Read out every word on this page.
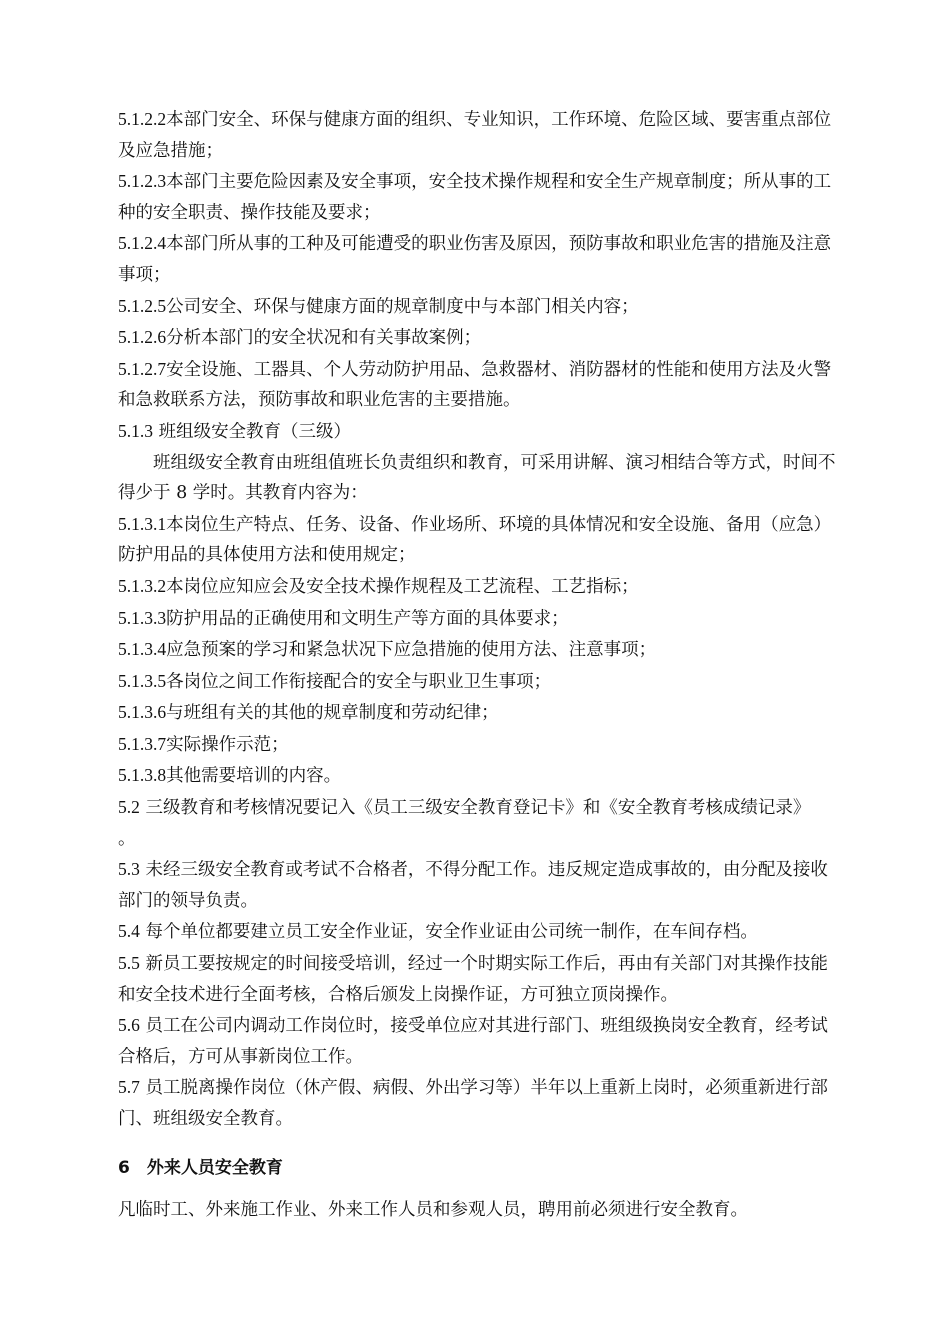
5.1.2.2本部门安全、环保与健康方面的组织、专业知识，工作环境、危险区域、要害重点部位及应急措施；

5.1.2.3本部门主要危险因素及安全事项，安全技术操作规程和安全生产规章制度；所从事的工种的安全职责、操作技能及要求；

5.1.2.4本部门所从事的工种及可能遭受的职业伤害及原因，预防事故和职业危害的措施及注意事项；

5.1.2.5公司安全、环保与健康方面的规章制度中与本部门相关内容；

5.1.2.6分析本部门的安全状况和有关事故案例；

5.1.2.7安全设施、工器具、个人劳动防护用品、急救器材、消防器材的性能和使用方法及火警和急救联系方法，预防事故和职业危害的主要措施。

5.1.3 班组级安全教育（三级）

班组级安全教育由班组值班长负责组织和教育，可采用讲解、演习相结合等方式，时间不得少于 8 学时。其教育内容为：

5.1.3.1本岗位生产特点、任务、设备、作业场所、环境的具体情况和安全设施、备用（应急）防护用品的具体使用方法和使用规定；

5.1.3.2本岗位应知应会及安全技术操作规程及工艺流程、工艺指标；

5.1.3.3防护用品的正确使用和文明生产等方面的具体要求；

5.1.3.4应急预案的学习和紧急状况下应急措施的使用方法、注意事项；

5.1.3.5各岗位之间工作衔接配合的安全与职业卫生事项；

5.1.3.6与班组有关的其他的规章制度和劳动纪律；

5.1.3.7实际操作示范；

5.1.3.8其他需要培训的内容。

5.2 三级教育和考核情况要记入《员工三级安全教育登记卡》和《安全教育考核成绩记录》

。

5.3 未经三级安全教育或考试不合格者，不得分配工作。违反规定造成事故的，由分配及接收部门的领导负责。

5.4 每个单位都要建立员工安全作业证，安全作业证由公司统一制作，在车间存档。

5.5 新员工要按规定的时间接受培训，经过一个时期实际工作后，再由有关部门对其操作技能和安全技术进行全面考核，合格后颁发上岗操作证，方可独立顶岗操作。

5.6 员工在公司内调动工作岗位时，接受单位应对其进行部门、班组级换岗安全教育，经考试合格后，方可从事新岗位工作。

5.7 员工脱离操作岗位（休产假、病假、外出学习等）半年以上重新上岗时，必须重新进行部门、班组级安全教育。

6　外来人员安全教育

凡临时工、外来施工作业、外来工作人员和参观人员，聘用前必须进行安全教育。
